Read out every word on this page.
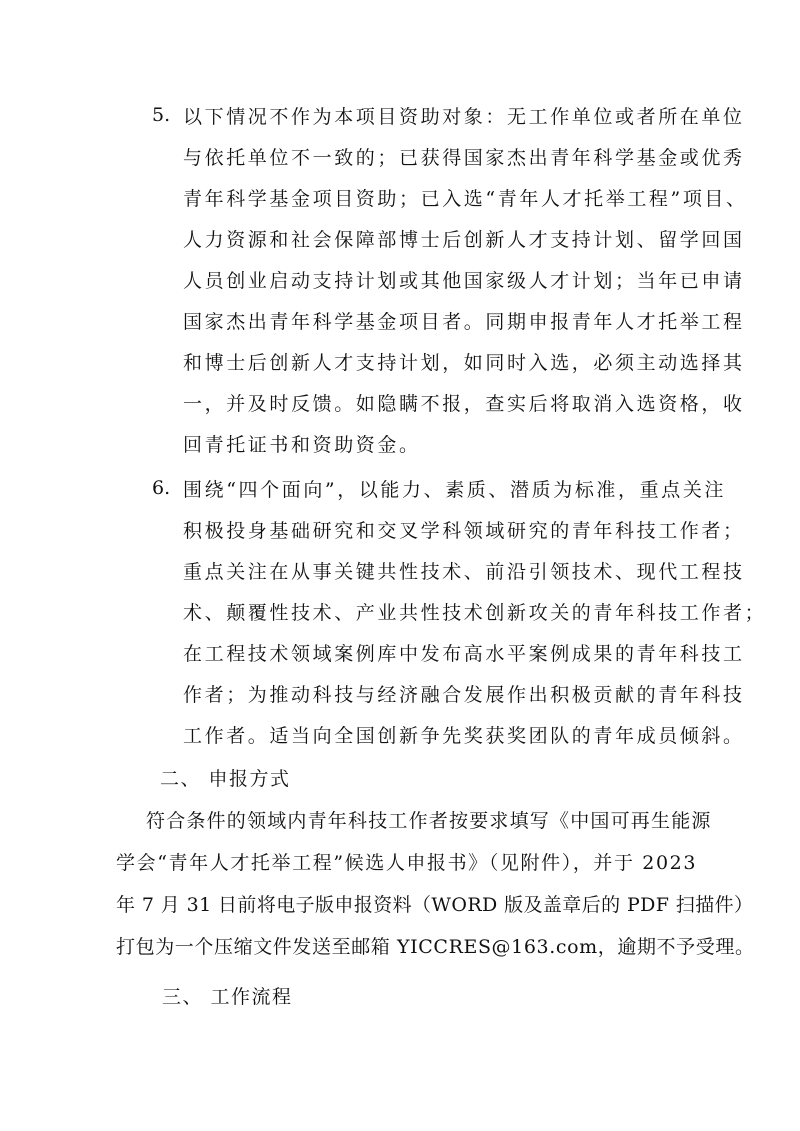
5. 以下情况不作为本项目资助对象：无工作单位或者所在单位
与依托单位不一致的；已获得国家杰出青年科学基金或优秀
青年科学基金项目资助；已入选“青年人才托举工程”项目、
人力资源和社会保障部博士后创新人才支持计划、留学回国
人员创业启动支持计划或其他国家级人才计划；当年已申请
国家杰出青年科学基金项目者。同期申报青年人才托举工程
和博士后创新人才支持计划，如同时入选，必须主动选择其
一，并及时反馈。如隐瞒不报，查实后将取消入选资格，收
回青托证书和资助资金。
6. 围绕“四个面向”，以能力、素质、潜质为标准，重点关注
积极投身基础研究和交叉学科领域研究的青年科技工作者；
重点关注在从事关键共性技术、前沿引领技术、现代工程技
术、颠覆性技术、产业共性技术创新攻关的青年科技工作者；
在工程技术领域案例库中发布高水平案例成果的青年科技工
作者；为推动科技与经济融合发展作出积极贡献的青年科技
工作者。适当向全国创新争先奖获奖团队的青年成员倾斜。
二、 申报方式
符合条件的领域内青年科技工作者按要求填写《中国可再生能源
学会“青年人才托举工程”候选人申报书》（见附件），并于 2023
年 7 月 31 日前将电子版申报资料（WORD 版及盖章后的 PDF 扫描件）
打包为一个压缩文件发送至邮箱 YICCRES@163.com，逾期不予受理。
三、 工作流程
